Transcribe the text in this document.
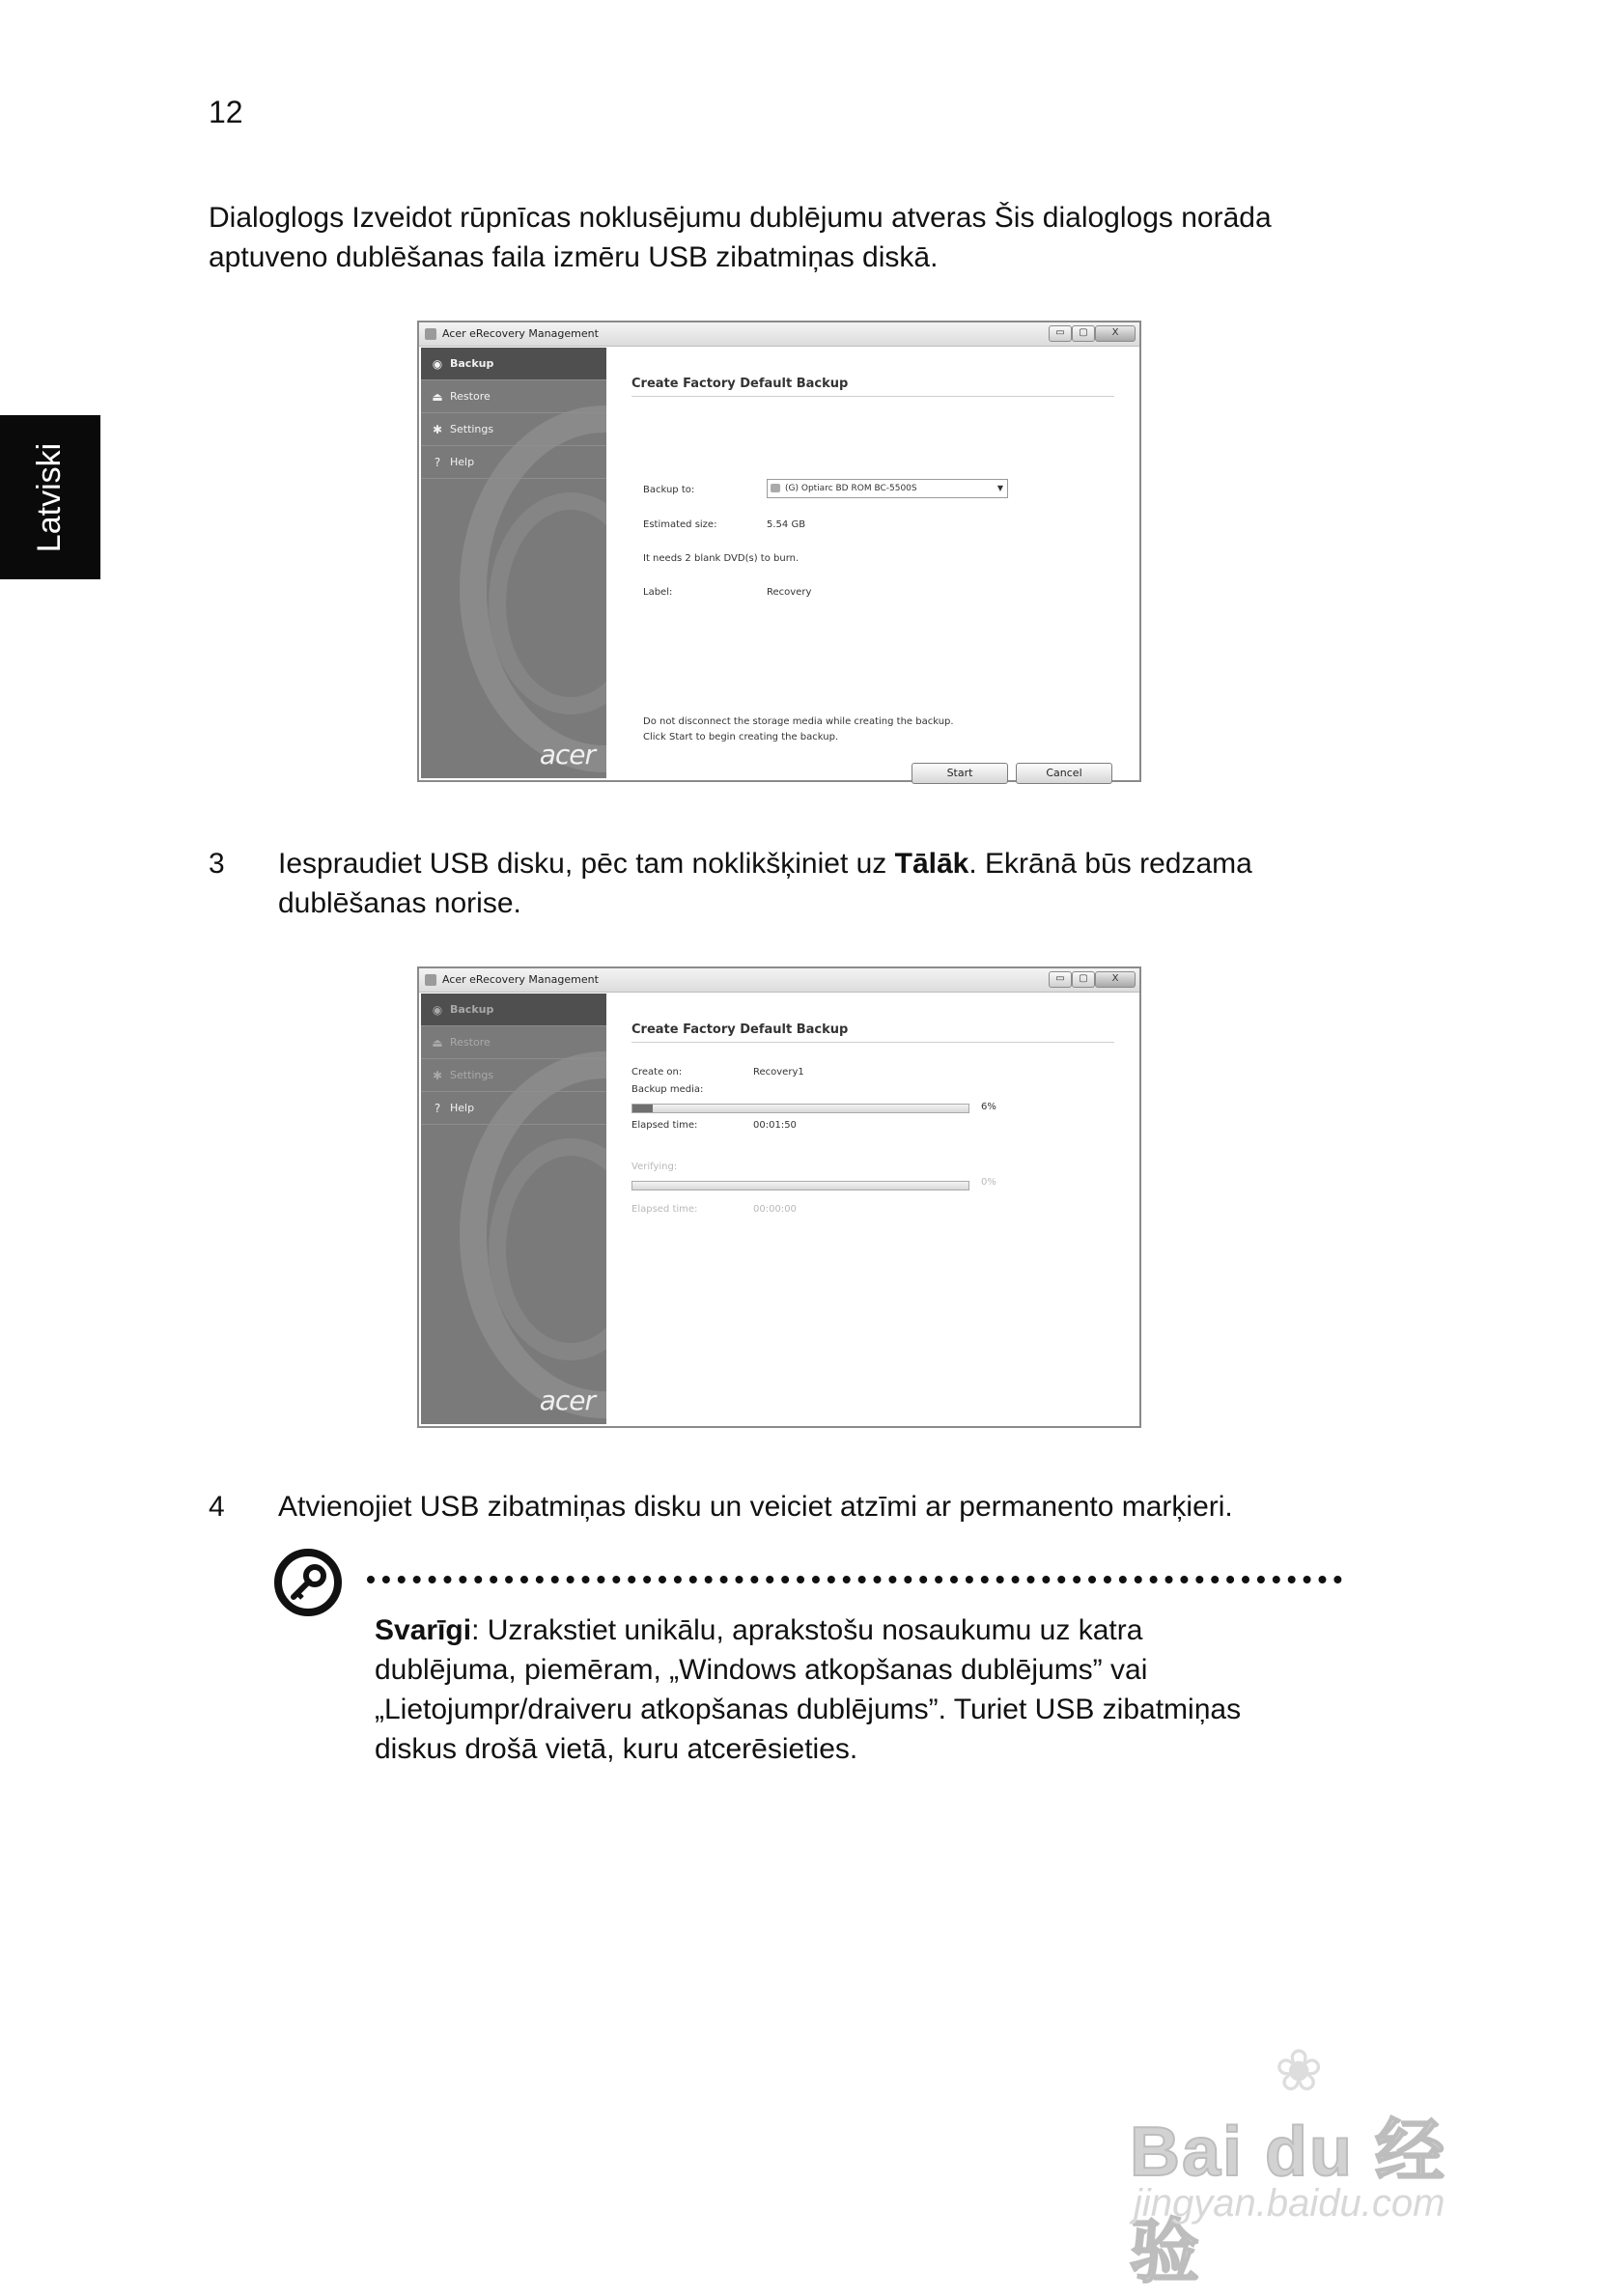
12
Latviski
Dialoglogs Izveidot rūpnīcas noklusējumu dublējumu atveras Šis dialoglogs norāda
aptuveno dublēšanas faila izmēru USB zibatmiņas diskā.
Acer eRecovery Management	▭	▢	X
◉ Backup
⏏ Restore
✱ Settings
? Help
acer
Create Factory Default Backup
Backup to:	(G) Optiarc BD ROM BC-5500S	▼
Estimated size:	5.54 GB
It needs 2 blank DVD(s) to burn.
Label:	Recovery
Do not disconnect the storage media while creating the backup.
Click Start to begin creating the backup.
Start	Cancel
3 Iespraudiet USB disku, pēc tam noklikšķiniet uz Tālāk. Ekrānā būs redzama
dublēšanas norise.
Acer eRecovery Management	▭	▢	X
◉ Backup
⏏ Restore
✱ Settings
? Help
acer
Create Factory Default Backup
Create on:	Recovery1
Backup media:
6%
Elapsed time:	00:01:50
Verifying:
0%
Elapsed time:	00:00:00
4 Atvienojiet USB zibatmiņas disku un veiciet atzīmi ar permanento marķieri.
Svarīgi: Uzrakstiet unikālu, aprakstošu nosaukumu uz katra
dublējuma, piemēram, „Windows atkopšanas dublējums” vai
„Lietojumpr/draiveru atkopšanas dublējums”. Turiet USB zibatmiņas
diskus drošā vietā, kuru atcerēsieties.
❀
Bai du 经验
jingyan.baidu.com
